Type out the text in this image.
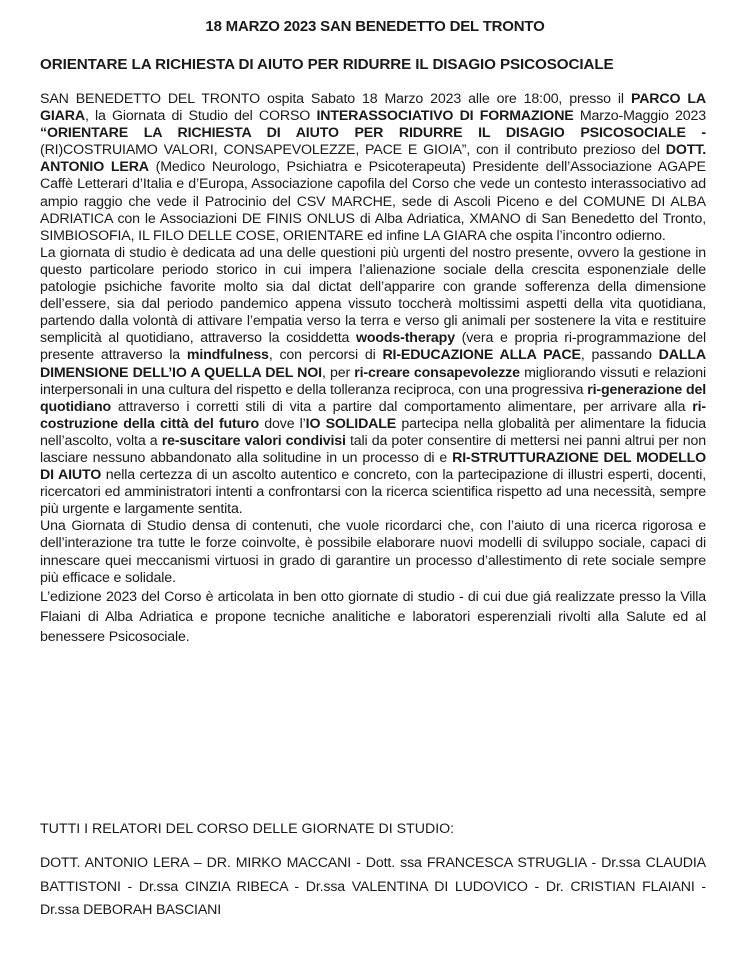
18 MARZO 2023 SAN BENEDETTO DEL TRONTO
ORIENTARE LA RICHIESTA DI AIUTO PER RIDURRE IL DISAGIO PSICOSOCIALE

SAN BENEDETTO DEL TRONTO ospita Sabato 18 Marzo 2023 alle ore 18:00, presso il PARCO LA GIARA, la Giornata di Studio del CORSO INTERASSOCIATIVO DI FORMAZIONE Marzo-Maggio 2023 “ORIENTARE LA RICHIESTA DI AIUTO PER RIDURRE IL DISAGIO PSICOSOCIALE - (RI)COSTRUIAMO VALORI, CONSAPEVOLEZZE, PACE E GIOIA”, con il contributo prezioso del DOTT. ANTONIO LERA (Medico Neurologo, Psichiatra e Psicoterapeuta) Presidente dell’Associazione AGAPE Caffè Letterari d’Italia e d’Europa, Associazione capofila del Corso che vede un contesto interassociativo ad ampio raggio che vede il Patrocinio del CSV MARCHE, sede di Ascoli Piceno e del COMUNE DI ALBA ADRIATICA con le Associazioni DE FINIS ONLUS di Alba Adriatica, XMANO di San Benedetto del Tronto, SIMBIOSOFIA, IL FILO DELLE COSE, ORIENTARE ed infine LA GIARA che ospita l’incontro odierno.

La giornata di studio è dedicata ad una delle questioni più urgenti del nostro presente, ovvero la gestione in questo particolare periodo storico in cui impera l’alienazione sociale della crescita esponenziale delle patologie psichiche favorite molto sia dal dictat dell’apparire con grande sofferenza della dimensione dell’essere, sia dal periodo pandemico appena vissuto toccherà moltissimi aspetti della vita quotidiana, partendo dalla volontà di attivare l’empatia verso la terra e verso gli animali per sostenere la vita e restituire semplicità al quotidiano, attraverso la cosiddetta woods-therapy (vera e propria ri-programmazione del presente attraverso la mindfulness, con percorsi di RI-EDUCAZIONE ALLA PACE, passando DALLA DIMENSIONE DELL’IO A QUELLA DEL NOI, per ri-creare consapevolezze migliorando vissuti e relazioni interpersonali in una cultura del rispetto e della tolleranza reciproca, con una progressiva ri-generazione del quotidiano attraverso i corretti stili di vita a partire dal comportamento alimentare, per arrivare alla ri-costruzione della città del futuro dove l’IO SOLIDALE partecipa nella globalità per alimentare la fiducia nell’ascolto, volta a re-suscitare valori condivisi tali da poter consentire di mettersi nei panni altrui per non lasciare nessuno abbandonato alla solitudine in un processo di e RI-STRUTTURAZIONE DEL MODELLO DI AIUTO nella certezza di un ascolto autentico e concreto, con la partecipazione di illustri esperti, docenti, ricercatori ed amministratori intenti a confrontarsi con la ricerca scientifica rispetto ad una necessità, sempre più urgente e largamente sentita.

Una Giornata di Studio densa di contenuti, che vuole ricordarci che, con l’aiuto di una ricerca rigorosa e dell’interazione tra tutte le forze coinvolte, è possibile elaborare nuovi modelli di sviluppo sociale, capaci di innescare quei meccanismi virtuosi in grado di garantire un processo d’allestimento di rete sociale sempre più efficace e solidale.

L’edizione 2023 del Corso è articolata in ben otto giornate di studio - di cui due giá realizzate presso la Villa Flaiani di Alba Adriatica e propone tecniche analitiche e laboratori esperenziali rivolti alla Salute ed al benessere Psicosociale.

TUTTI I RELATORI DEL CORSO DELLE GIORNATE DI STUDIO:
DOTT. ANTONIO LERA – DR. MIRKO MACCANI - Dott. ssa FRANCESCA STRUGLIA - Dr.ssa CLAUDIA BATTISTONI - Dr.ssa CINZIA RIBECA - Dr.ssa VALENTINA DI LUDOVICO - Dr. CRISTIAN FLAIANI - Dr.ssa DEBORAH BASCIANI
